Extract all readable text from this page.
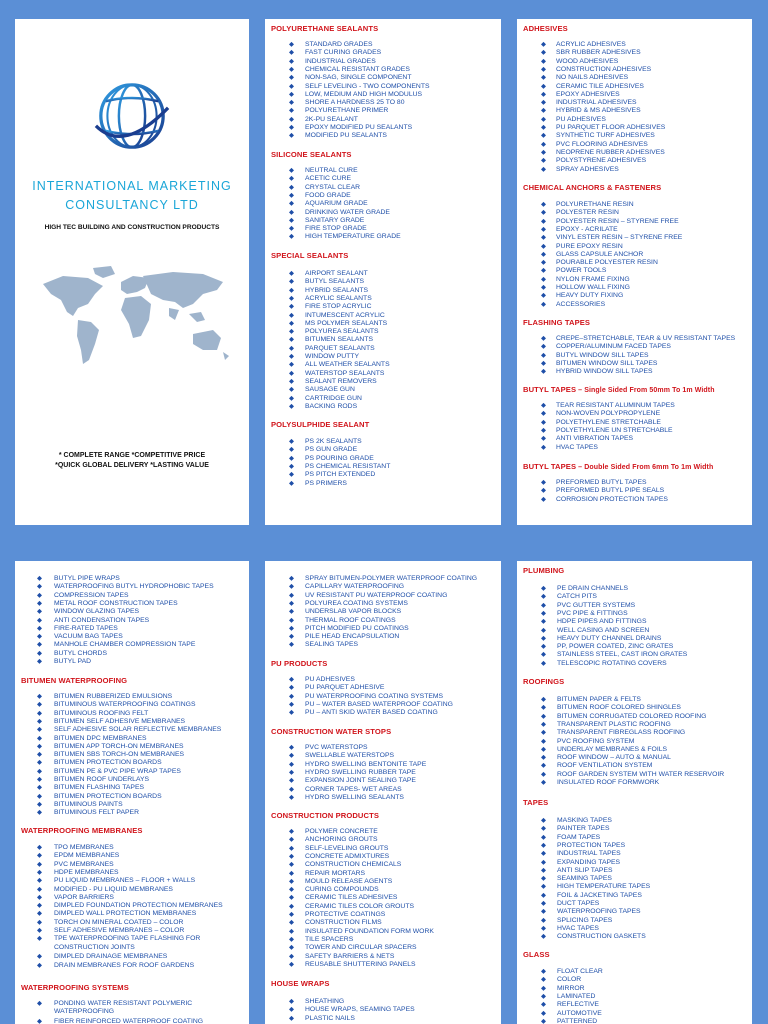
INTERNATIONAL MARKETING
CONSULTANCY LTD
HIGH TEC BUILDING AND CONSTRUCTION PRODUCTS
* COMPLETE RANGE *COMPETITIVE PRICE
*QUICK GLOBAL DELIVERY *LASTING VALUE
POLYURETHANE SEALANTS
◆ STANDARD GRADES
◆ FAST CURING GRADES
◆ INDUSTRIAL GRADES
◆ CHEMICAL RESISTANT GRADES
◆ NON-SAG, SINGLE COMPONENT
◆ SELF LEVELING - TWO COMPONENTS
◆ LOW, MEDIUM AND HIGH MODULUS
◆ SHORE A HARDNESS 25 TO 80
◆ POLYURETHANE PRIMER
◆ 2K-PU SEALANT
◆ EPOXY MODIFIED PU SEALANTS
◆ MODIFIED PU SEALANTS
SILICONE SEALANTS
◆ NEUTRAL CURE
◆ ACETIC CURE
◆ CRYSTAL CLEAR
◆ FOOD GRADE
◆ AQUARIUM GRADE
◆ DRINKING WATER GRADE
◆ SANITARY GRADE
◆ FIRE STOP GRADE
◆ HIGH TEMPERATURE GRADE
SPECIAL SEALANTS
◆ AIRPORT SEALANT
◆ BUTYL SEALANTS
◆ HYBRID SEALANTS
◆ ACRYLIC SEALANTS
◆ FIRE STOP ACRYLIC
◆ INTUMESCENT ACRYLIC
◆ MS POLYMER SEALANTS
◆ POLYUREA SEALANTS
◆ BITUMEN SEALANTS
◆ PARQUET SEALANTS
◆ WINDOW PUTTY
◆ ALL WEATHER SEALANTS
◆ WATERSTOP SEALANTS
◆ SEALANT REMOVERS
◆ SAUSAGE GUN
◆ CARTRIDGE GUN
◆ BACKING RODS
POLYSULPHIDE SEALANT
◆ PS 2K SEALANTS
◆ PS GUN GRADE
◆ PS POURING GRADE
◆ PS CHEMICAL RESISTANT
◆ PS PITCH EXTENDED
◆ PS PRIMERS
ADHESIVES
◆ ACRYLIC ADHESIVES
◆ SBR RUBBER ADHESIVES
◆ WOOD ADHESIVES
◆ CONSTRUCTION ADHESIVES
◆ NO NAILS ADHESIVES
◆ CERAMIC TILE ADHESIVES
◆ EPOXY ADHESIVES
◆ INDUSTRIAL ADHESIVES
◆ HYBRID & MS ADHESIVES
◆ PU ADHESIVES
◆ PU PARQUET FLOOR ADHESIVES
◆ SYNTHETIC TURF ADHESIVES
◆ PVC FLOORING ADHESIVES
◆ NEOPRENE RUBBER ADHESIVES
◆ POLYSTYRENE ADHESIVES
◆ SPRAY ADHESIVES
CHEMICAL ANCHORS & FASTENERS
◆ POLYURETHANE RESIN
◆ POLYESTER RESIN
◆ POLYESTER RESIN – STYRENE FREE
◆ EPOXY - ACRILATE
◆ VINYL ESTER RESIN – STYRENE FREE
◆ PURE EPOXY RESIN
◆ GLASS CAPSULE ANCHOR
◆ POURABLE POLYESTER RESIN
◆ POWER TOOLS
◆ NYLON FRAME FIXING
◆ HOLLOW WALL FIXING
◆ HEAVY DUTY FIXING
◆ ACCESSORIES
FLASHING TAPES
◆ CREPE–STRETCHABLE, TEAR & UV RESISTANT TAPES
◆ COPPER/ALUMINUM FACED TAPES
◆ BUTYL WINDOW SILL TAPES
◆ BITUMEN WINDOW SILL TAPES
◆ HYBRID WINDOW SILL TAPES
BUTYL TAPES – Single Sided From 50mm To 1m Width
◆ TEAR RESISTANT ALUMINUM TAPES
◆ NON-WOVEN POLYPROPYLENE
◆ POLYETHYLENE STRETCHABLE
◆ POLYETHYLENE UN STRETCHABLE
◆ ANTI VIBRATION TAPES
◆ HVAC TAPES
BUTYL TAPES – Double Sided From 6mm To 1m Width
◆ PREFORMED BUTYL TAPES
◆ PREFORMED BUTYL PIPE SEALS
◆ CORROSION PROTECTION TAPES
◆ BUTYL PIPE WRAPS
◆ WATERPROOFING BUTYL HYDROPHOBIC TAPES
◆ COMPRESSION TAPES
◆ METAL ROOF CONSTRUCTION TAPES
◆ WINDOW GLAZING TAPES
◆ ANTI CONDENSATION TAPES
◆ FIRE-RATED TAPES
◆ VACUUM BAG TAPES
◆ MANHOLE CHAMBER COMPRESSION TAPE
◆ BUTYL CHORDS
◆ BUTYL PAD
BITUMEN WATERPROOFING
◆ BITUMEN RUBBERIZED EMULSIONS
◆ BITUMINOUS WATERPROOFING COATINGS
◆ BITUMINOUS ROOFING FELT
◆ BITUMEN SELF ADHESIVE MEMBRANES
◆ SELF ADHESIVE SOLAR REFLECTIVE MEMBRANES
◆ BITUMEN DPC MEMBRANES
◆ BITUMEN APP TORCH-ON MEMBRANES
◆ BITUMEN SBS TORCH-ON MEMBRANES
◆ BITUMEN PROTECTION BOARDS
◆ BITUMEN PE & PVC PIPE WRAP TAPES
◆ BITUMEN ROOF UNDERLAYS
◆ BITUMEN FLASHING TAPES
◆ BITUMEN PROTECTION BOARDS
◆ BITUMINOUS PAINTS
◆ BITUMINOUS FELT PAPER
WATERPROOFING MEMBRANES
◆ TPO MEMBRANES
◆ EPDM MEMBRANES
◆ PVC MEMBRANES
◆ HDPE MEMBRANES
◆ PU LIQUID MEMBRANES – FLOOR + WALLS
◆ MODIFIED - PU LIQUID MEMBRANES
◆ VAPOR BARRIERS
◆ DIMPLED FOUNDATION PROTECTION MEMBRANES
◆ DIMPLED WALL PROTECTION MEMBRANES
◆ TORCH ON MINERAL COATED – COLOR
◆ SELF ADHESIVE MEMBRANES – COLOR
◆ TPE WATERPROOFING TAPE FLASHING FOR
CONSTRUCTION JOINTS
◆ DIMPLED DRAINAGE MEMBRANES
◆ DRAIN MEMBRANES FOR ROOF GARDENS
WATERPROOFING SYSTEMS
◆ PONDING WATER RESISTANT POLYMERIC
WATERPROOFING
◆ FIBER REINFORCED WATERPROOF COATING
◆ SPRAY BITUMEN-POLYMER WATERPROOF COATING
◆ CAPILLARY WATERPROOFING
◆ UV RESISTANT PU WATERPROOF COATING
◆ POLYUREA COATING SYSTEMS
◆ UNDERSLAB VAPOR BLOCKS
◆ THERMAL ROOF COATINGS
◆ PITCH MODIFIED PU COATINGS
◆ PILE HEAD ENCAPSULATION
◆ SEALING TAPES
PU PRODUCTS
◆ PU ADHESIVES
◆ PU PARQUET ADHESIVE
◆ PU WATERPROOFING COATING SYSTEMS
◆ PU – WATER BASED WATERPROOF COATING
◆ PU – ANTI SKID WATER BASED COATING
CONSTRUCTION WATER STOPS
◆ PVC WATERSTOPS
◆ SWELLABLE WATERSTOPS
◆ HYDRO SWELLING BENTONITE TAPE
◆ HYDRO SWELLING RUBBER TAPE
◆ EXPANSION JOINT SEALING TAPE
◆ CORNER TAPES- WET AREAS
◆ HYDRO SWELLING SEALANTS
CONSTRUCTION PRODUCTS
◆ POLYMER CONCRETE
◆ ANCHORING GROUTS
◆ SELF-LEVELING GROUTS
◆ CONCRETE ADMIXTURES
◆ CONSTRUCTION CHEMICALS
◆ REPAIR MORTARS
◆ MOULD RELEASE AGENTS
◆ CURING COMPOUNDS
◆ CERAMIC TILES ADHESIVES
◆ CERAMIC TILES COLOR GROUTS
◆ PROTECTIVE COATINGS
◆ CONSTRUCTION FILMS
◆ INSULATED FOUNDATION FORM WORK
◆ TILE SPACERS
◆ TOWER AND CIRCULAR SPACERS
◆ SAFETY BARRIERS & NETS
◆ REUSABLE SHUTTERING PANELS
HOUSE WRAPS
◆ SHEATHING
◆ HOUSE WRAPS, SEAMING TAPES
◆ PLASTIC NAILS
PLUMBING
◆ PE DRAIN CHANNELS
◆ CATCH PITS
◆ PVC GUTTER SYSTEMS
◆ PVC PIPE & FITTINGS
◆ HDPE PIPES AND FITTINGS
◆ WELL CASING AND SCREEN
◆ HEAVY DUTY CHANNEL DRAINS
◆ PP, POWER COATED, ZINC GRATES
◆ STAINLESS STEEL, CAST IRON GRATES
◆ TELESCOPIC ROTATING COVERS
ROOFINGS
◆ BITUMEN PAPER & FELTS
◆ BITUMEN ROOF COLORED SHINGLES
◆ BITUMEN CORRUGATED COLORED ROOFING
◆ TRANSPARENT PLASTIC ROOFING
◆ TRANSPARENT FIBREGLASS ROOFING
◆ PVC ROOFING SYSTEM
◆ UNDERLAY MEMBRANES & FOILS
◆ ROOF WINDOW – AUTO & MANUAL
◆ ROOF VENTILATION SYSTEM
◆ ROOF GARDEN SYSTEM WITH WATER RESERVOIR
◆ INSULATED ROOF FORMWORK
TAPES
◆ MASKING TAPES
◆ PAINTER TAPES
◆ FOAM TAPES
◆ PROTECTION TAPES
◆ INDUSTRIAL TAPES
◆ EXPANDING TAPES
◆ ANTI SLIP TAPES
◆ SEAMING TAPES
◆ HIGH TEMPERATURE TAPES
◆ FOIL & JACKETING TAPES
◆ DUCT TAPES
◆ WATERPROOFING TAPES
◆ SPLICING TAPES
◆ HVAC TAPES
◆ CONSTRUCTION GASKETS
GLASS
◆ FLOAT CLEAR
◆ COLOR
◆ MIRROR
◆ LAMINATED
◆ REFLECTIVE
◆ AUTOMOTIVE
◆ PATTERNED
